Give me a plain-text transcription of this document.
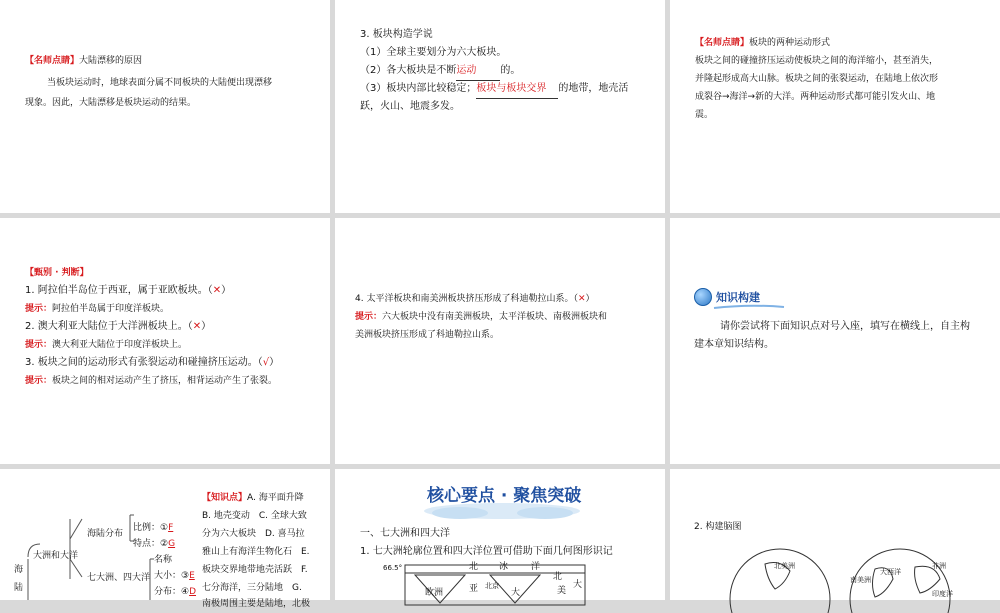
【名师点睛】大陆漂移的原因
当板块运动时，地球表面分属不同板块的大陆便出现漂移
现象。因此，大陆漂移是板块运动的结果。
3. 板块构造学说
（1）全球主要划分为六大板块。
（2）各大板块是不断运动 的。
（3）板块内部比较稳定；板块与板块交界 的地带，地壳活
跃，火山、地震多发。
【名师点睛】板块的两种运动形式
板块之间的碰撞挤压运动使板块之间的海洋缩小，甚至消失，
并隆起形成高大山脉。板块之间的张裂运动，在陆地上依次形
成裂谷→海洋→新的大洋。两种运动形式都可能引发火山、地
震。
【甄别 · 判断】
1. 阿拉伯半岛位于西亚，属于亚欧板块。（✕）
提示：阿拉伯半岛属于印度洋板块。
2. 澳大利亚大陆位于大洋洲板块上。（✕）
提示：澳大利亚大陆位于印度洋板块上。
3. 板块之间的运动形式有张裂运动和碰撞挤压运动。（√）
提示：板块之间的相对运动产生了挤压，相背运动产生了张裂。
4. 太平洋板块和南美洲板块挤压形成了科迪勒拉山系。（✕）
提示：六大板块中没有南美洲板块，太平洋板块、南极洲板块和
美洲板块挤压形成了科迪勒拉山系。
知识构建
请你尝试将下面知识点对号入座，填写在横线上，自主构
建本章知识结构。
海
陆
大洲和大洋
海陆分布
比例：①F
特点：②G
七大洲、四大洋
名称
大小：③E
分布：④D
【知识点】A. 海平面升降
B. 地壳变动　C. 全球大致
分为六大板块　D. 喜马拉
雅山上有海洋生物化石　E.
板块交界地带地壳活跃　F.
七分海洋，三分陆地　G.
南极周围主要是陆地，北极
核心要点 · 聚焦突破
一、七大洲和四大洋
1. 七大洲轮廓位置和四大洋位置可借助下面几何图形识记
66.5°	北 冰	洋
欧洲	亚 北京
大
北
美
大
2. 构建脑图
北美洲
南美洲
大西洋
非洲
印度洋
